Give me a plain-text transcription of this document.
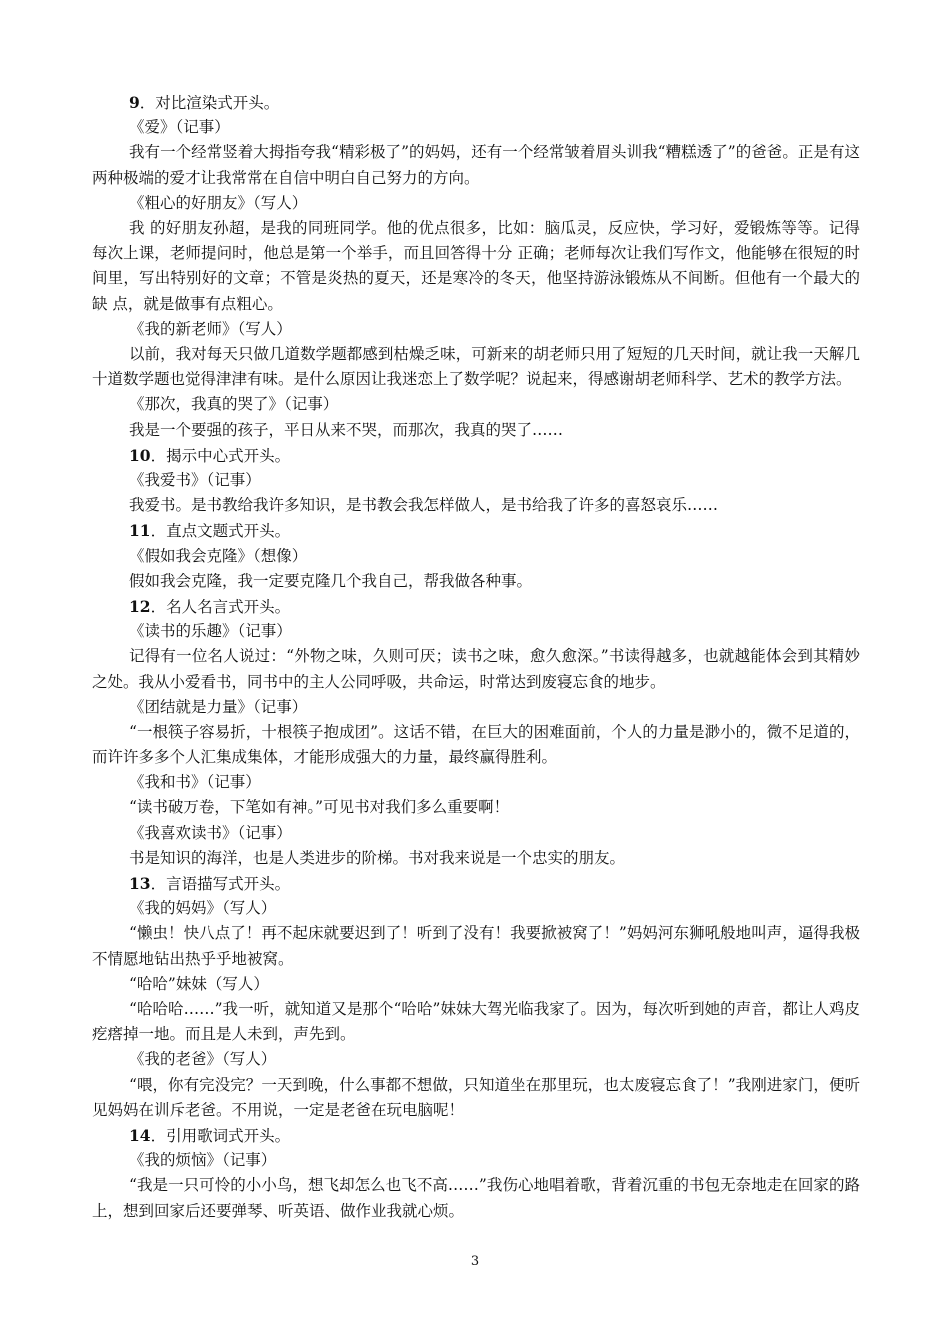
9．对比渲染式开头。
《爱》（记事）
我有一个经常竖着大拇指夸我“精彩极了”的妈妈，还有一个经常皱着眉头训我“糟糕透了”的爸爸。正是有这两种极端的爱才让我常常在自信中明白自己努力的方向。
《粗心的好朋友》（写人）
我 的好朋友孙超，是我的同班同学。他的优点很多，比如：脑瓜灵，反应快，学习好，爱锻炼等等。记得每次上课，老师提问时，他总是第一个举手，而且回答得十分 正确；老师每次让我们写作文，他能够在很短的时间里，写出特别好的文章；不管是炎热的夏天，还是寒冷的冬天，他坚持游泳锻炼从不间断。但他有一个最大的缺 点，就是做事有点粗心。
《我的新老师》（写人）
以前，我对每天只做几道数学题都感到枯燥乏味，可新来的胡老师只用了短短的几天时间，就让我一天解几十道数学题也觉得津津有味。是什么原因让我迷恋上了数学呢？说起来，得感谢胡老师科学、艺术的教学方法。
《那次，我真的哭了》（记事）
我是一个要强的孩子，平日从来不哭，而那次，我真的哭了……
10．揭示中心式开头。
《我爱书》（记事）
我爱书。是书教给我许多知识，是书教会我怎样做人，是书给我了许多的喜怒哀乐……
11．直点文题式开头。
《假如我会克隆》（想像）
假如我会克隆，我一定要克隆几个我自己，帮我做各种事。
12．名人名言式开头。
《读书的乐趣》（记事）
记得有一位名人说过：“外物之味，久则可厌；读书之味，愈久愈深。”书读得越多，也就越能体会到其精妙之处。我从小爱看书，同书中的主人公同呼吸，共命运，时常达到废寝忘食的地步。
《团结就是力量》（记事）
“一根筷子容易折，十根筷子抱成团”。这话不错，在巨大的困难面前，个人的力量是渺小的，微不足道的，而许许多多个人汇集成集体，才能形成强大的力量，最终赢得胜利。
《我和书》（记事）
“读书破万卷，下笔如有神。”可见书对我们多么重要啊！
《我喜欢读书》（记事）
书是知识的海洋，也是人类进步的阶梯。书对我来说是一个忠实的朋友。
13．言语描写式开头。
《我的妈妈》（写人）
“懒虫！快八点了！再不起床就要迟到了！听到了没有！我要掀被窝了！”妈妈河东狮吼般地叫声，逼得我极不情愿地钻出热乎乎地被窝。
“哈哈”妹妹（写人）
“哈哈哈……”我一听，就知道又是那个“哈哈”妹妹大驾光临我家了。因为，每次听到她的声音，都让人鸡皮疙瘩掉一地。而且是人未到，声先到。
《我的老爸》（写人）
“喂，你有完没完？一天到晚，什么事都不想做，只知道坐在那里玩，也太废寝忘食了！”我刚进家门，便听见妈妈在训斥老爸。不用说，一定是老爸在玩电脑呢！
14．引用歌词式开头。
《我的烦恼》（记事）
“我是一只可怜的小小鸟，想飞却怎么也飞不高……”我伤心地唱着歌，背着沉重的书包无奈地走在回家的路上，想到回家后还要弹琴、听英语、做作业我就心烦。
3
